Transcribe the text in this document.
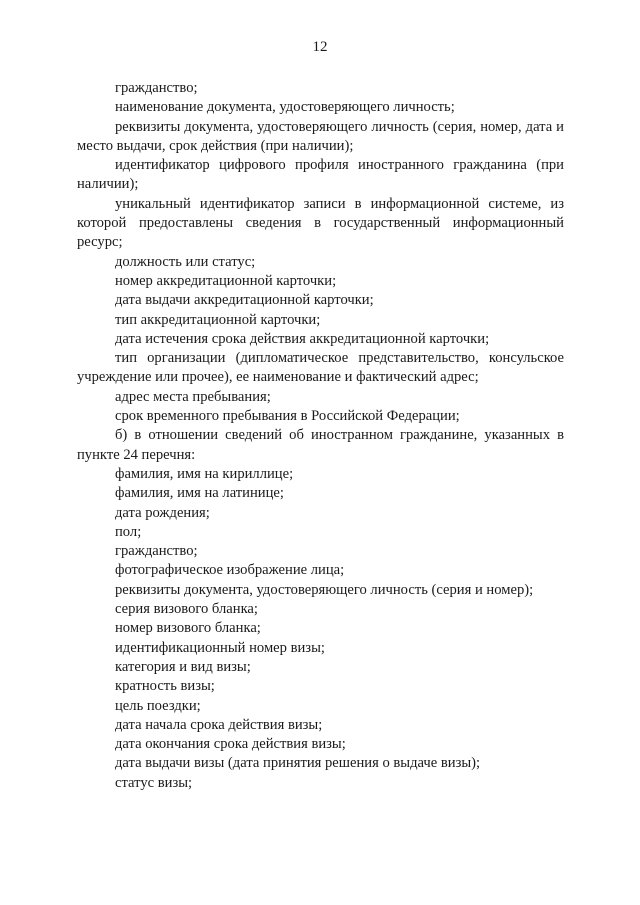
12

гражданство;

наименование документа, удостоверяющего личность;

реквизиты документа, удостоверяющего личность (серия, номер, дата и место выдачи, срок действия (при наличии);

идентификатор цифрового профиля иностранного гражданина (при наличии);

уникальный идентификатор записи в информационной системе, из которой предоставлены сведения в государственный информационный ресурс;

должность или статус;

номер аккредитационной карточки;

дата выдачи аккредитационной карточки;

тип аккредитационной карточки;

дата истечения срока действия аккредитационной карточки;

тип организации (дипломатическое представительство, консульское учреждение или прочее), ее наименование и фактический адрес;

адрес места пребывания;

срок временного пребывания в Российской Федерации;

б) в отношении сведений об иностранном гражданине, указанных в пункте 24 перечня:

фамилия, имя на кириллице;

фамилия, имя на латинице;

дата рождения;

пол;

гражданство;

фотографическое изображение лица;

реквизиты документа, удостоверяющего личность (серия и номер);

серия визового бланка;

номер визового бланка;

идентификационный номер визы;

категория и вид визы;

кратность визы;

цель поездки;

дата начала срока действия визы;

дата окончания срока действия визы;

дата выдачи визы (дата принятия решения о выдаче визы);

статус визы;
